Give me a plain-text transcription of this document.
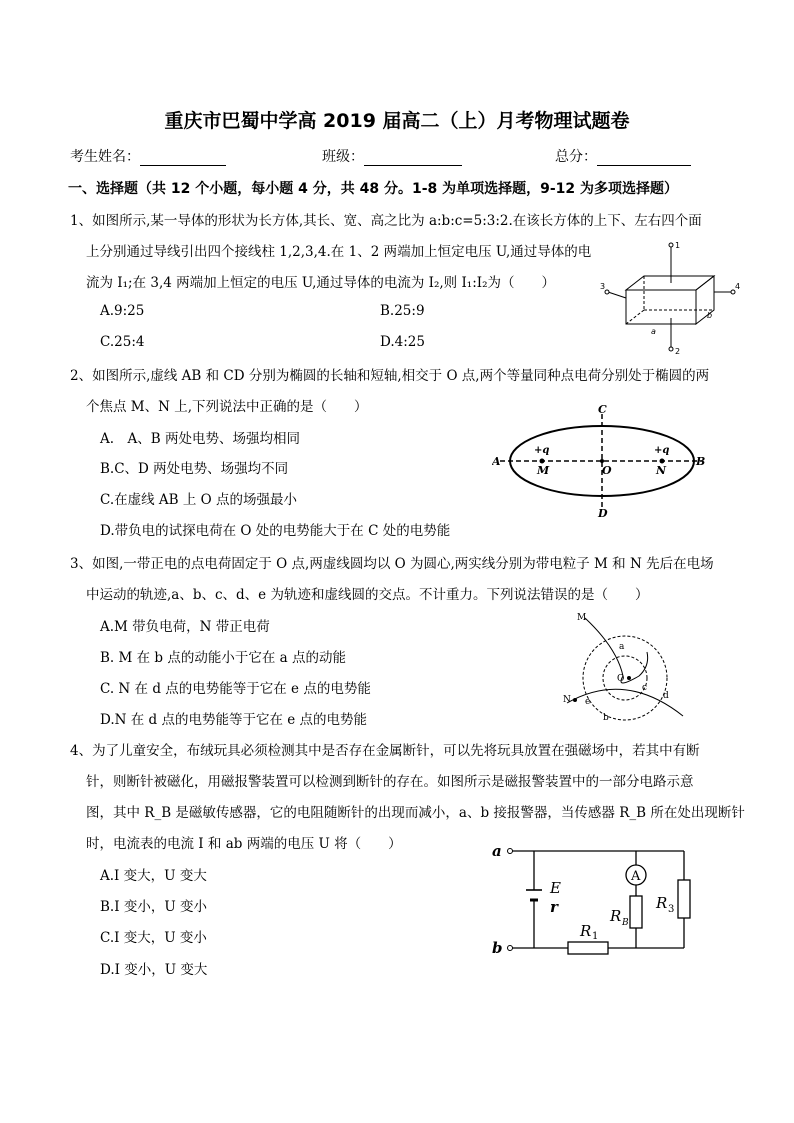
重庆市巴蜀中学高 2019 届高二（上）月考物理试题卷
考生姓名：	班级：	总分：
一、选择题（共 12 个小题，每小题 4 分，共 48 分。1-8 为单项选择题，9-12 为多项选择题）
1、如图所示,某一导体的形状为长方体,其长、宽、高之比为 a:b:c=5:3:2.在该长方体的上下、左右四个面
上分别通过导线引出四个接线柱 1,2,3,4.在 1、2 两端加上恒定电压 U,通过导体的电
流为 I₁;在 3,4 两端加上恒定的电压 U,通过导体的电流为 I₂,则 I₁:I₂为（　　）
A.9:25	B.25:9
C.25:4	D.4:25
1
2
3	4
a
b
2、如图所示,虚线 AB 和 CD 分别为椭圆的长轴和短轴,相交于 O 点,两个等量同种点电荷分别处于椭圆的两
个焦点 M、N 上,下列说法中正确的是（　　）
A.　A、B 两处电势、场强均相同
B.C、D 两处电势、场强均不同
C.在虚线 AB 上 O 点的场强最小
D.带负电的试探电荷在 O 处的电势能大于在 C 处的电势能
A	B
C
D
O
M	N
+q	+q
3、如图,一带正电的点电荷固定于 O 点,两虚线圆均以 O 为圆心,两实线分别为带电粒子 M 和 N 先后在电场
中运动的轨迹,a、b、c、d、e 为轨迹和虚线圆的交点。不计重力。下列说法错误的是（　　）
A.M 带负电荷，N 带正电荷
B. M 在 b 点的动能小于它在 a 点的动能
C. N 在 d 点的电势能等于它在 e 点的电势能
D.N 在 d 点的电势能等于它在 e 点的电势能
M
N
a
b
c
d
e
O
4、为了儿童安全，布绒玩具必须检测其中是否存在金属断针，可以先将玩具放置在强磁场中，若其中有断
针，则断针被磁化，用磁报警装置可以检测到断针的存在。如图所示是磁报警装置中的一部分电路示意
图，其中 R_B 是磁敏传感器，它的电阻随断针的出现而减小，a、b 接报警器，当传感器 R_B 所在处出现断针
时，电流表的电流 I 和 ab 两端的电压 U 将（　　）
A.I 变大，U 变大
B.I 变小，U 变小
C.I 变大，U 变小
D.I 变小，U 变大
a
b
E
r
A
R 1
R B
R 3
